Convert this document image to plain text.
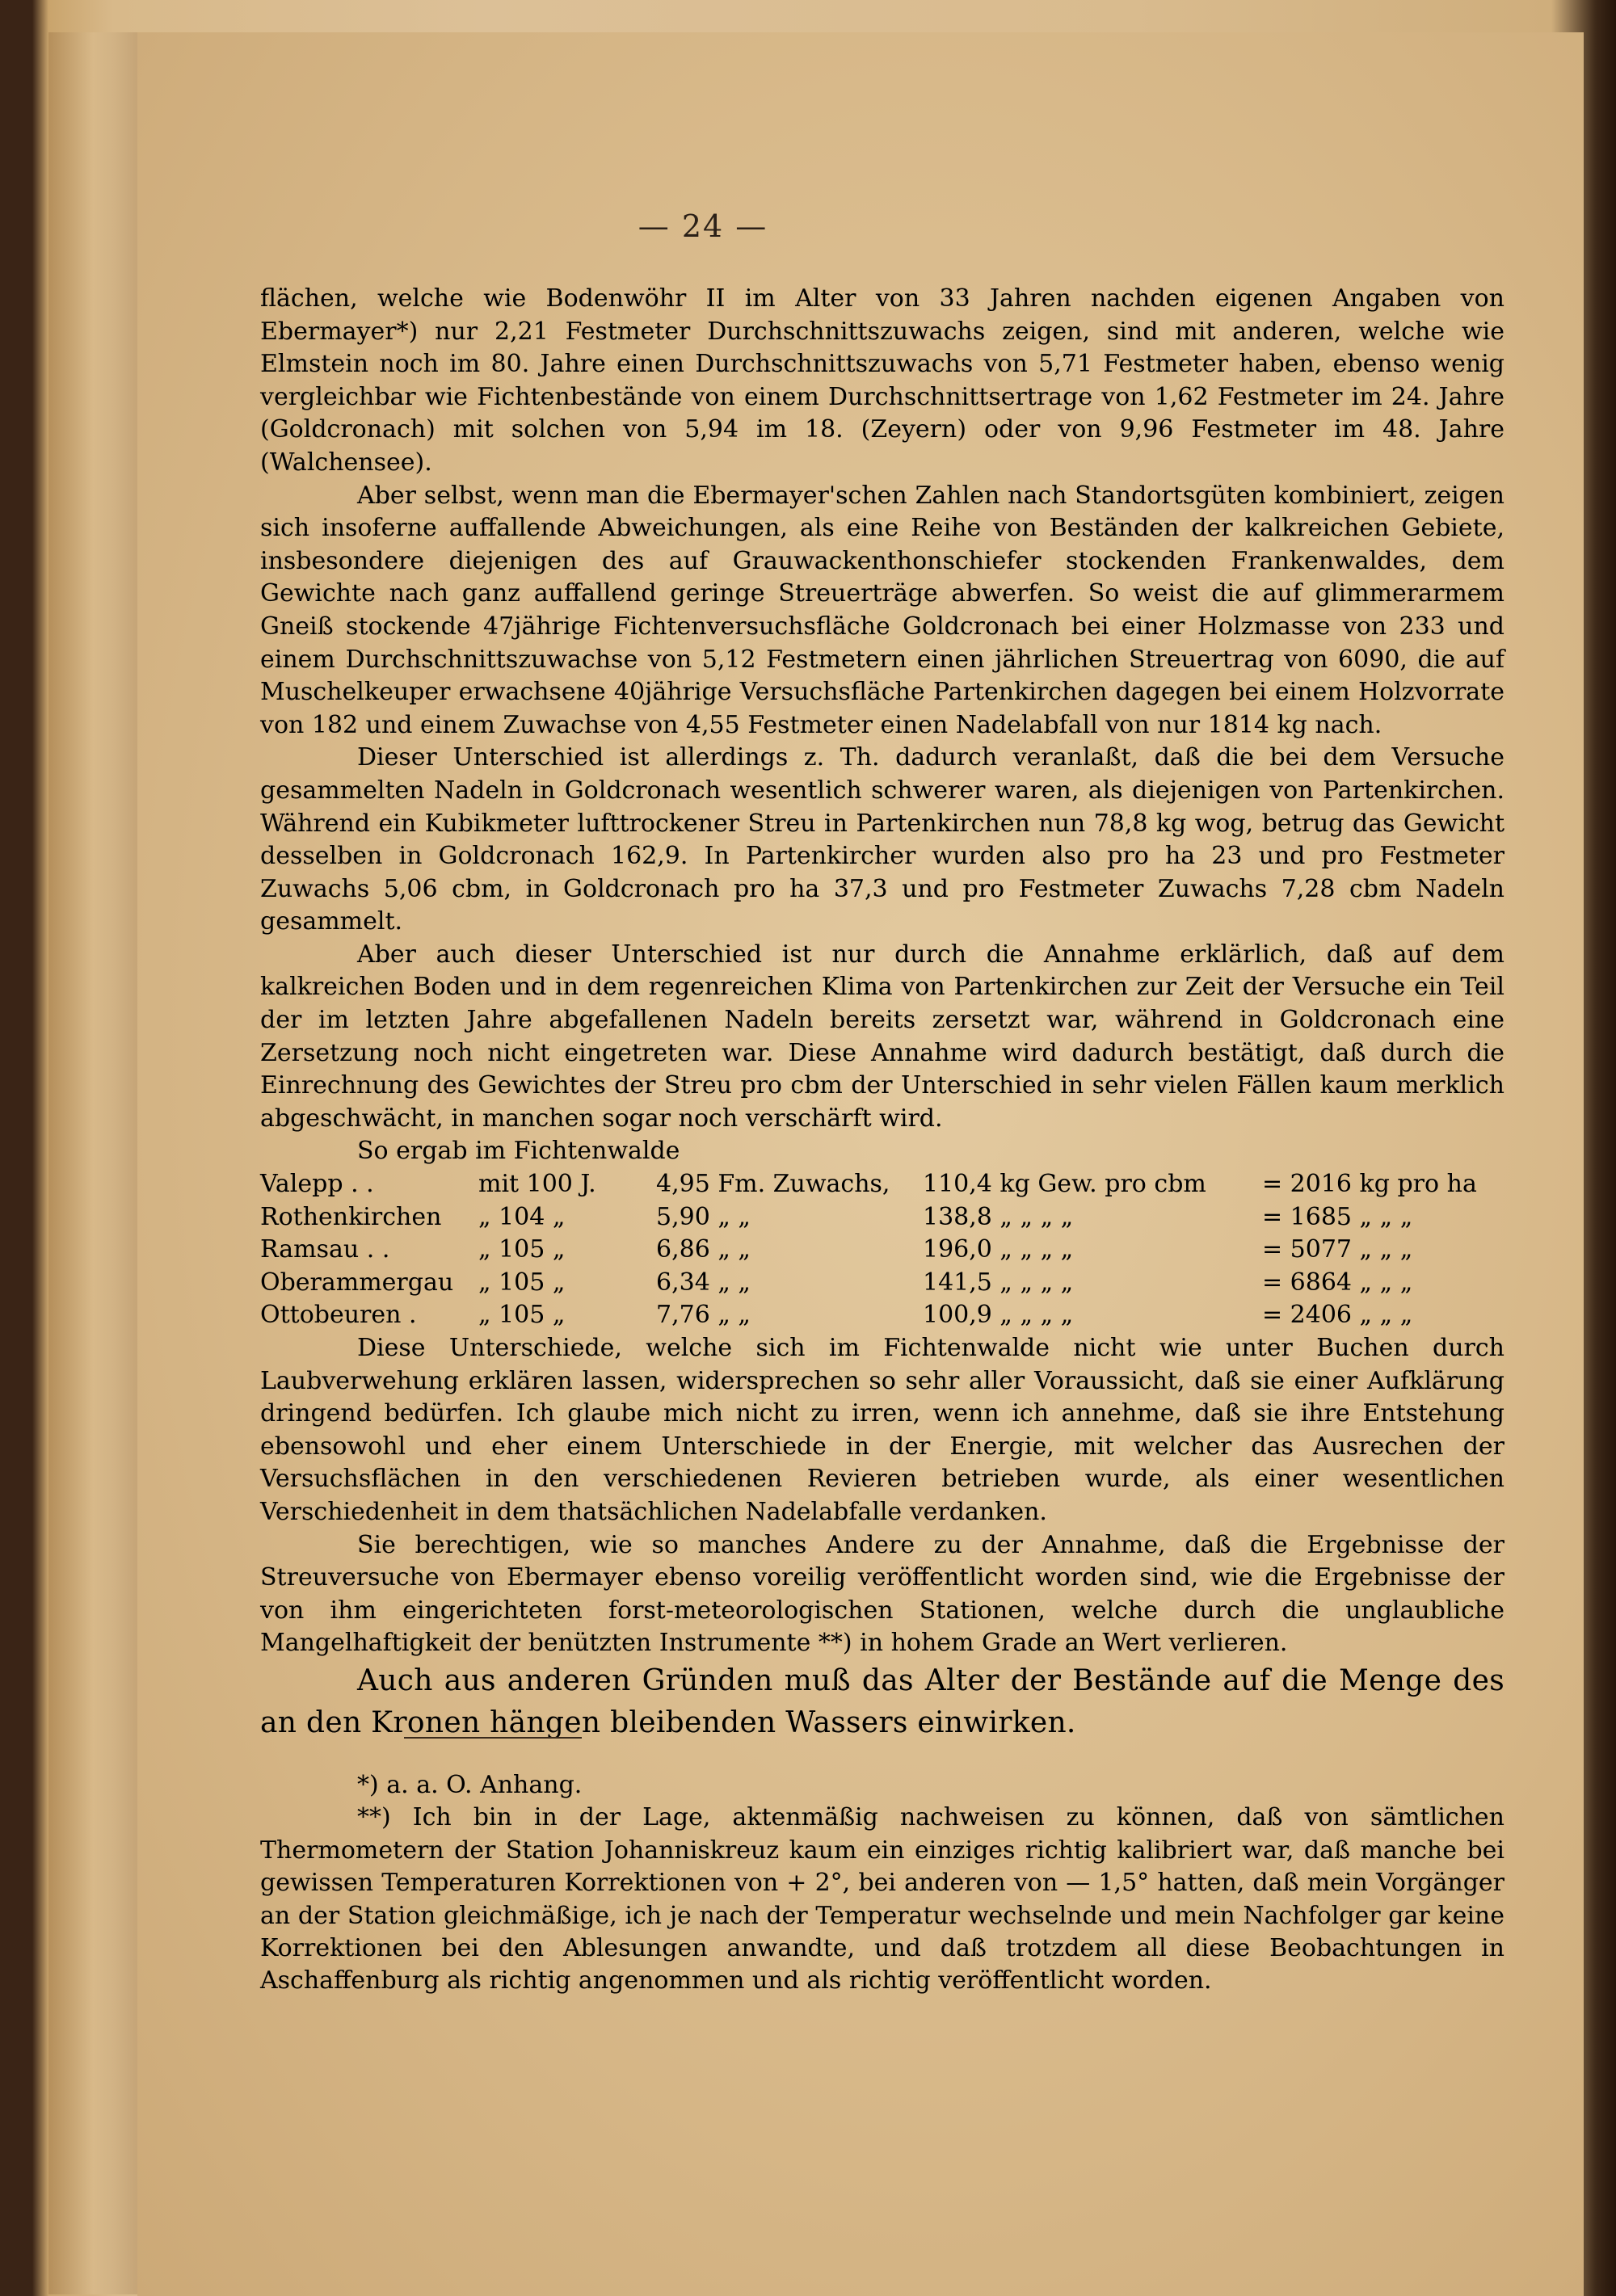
— 24 —

flächen, welche wie Bodenwöhr II im Alter von 33 Jahren nachden eigenen Angaben von Ebermayer*) nur 2,21 Festmeter Durchschnittszuwachs zeigen, sind mit anderen, welche wie Elmstein noch im 80. Jahre einen Durchschnittszuwachs von 5,71 Festmeter haben, ebenso wenig vergleichbar wie Fichtenbestände von einem Durchschnittsertrage von 1,62 Festmeter im 24. Jahre (Goldcronach) mit solchen von 5,94 im 18. (Zeyern) oder von 9,96 Festmeter im 48. Jahre (Walchensee).

Aber selbst, wenn man die Ebermayer'schen Zahlen nach Standortsgüten kombiniert, zeigen sich insoferne auffallende Abweichungen, als eine Reihe von Beständen der kalkreichen Gebiete, insbesondere diejenigen des auf Grauwackenthonschiefer stockenden Frankenwaldes, dem Gewichte nach ganz auffallend geringe Streuerträge abwerfen. So weist die auf glimmerarmem Gneiß stockende 47jährige Fichtenversuchsfläche Goldcronach bei einer Holzmasse von 233 und einem Durchschnittszuwachse von 5,12 Festmetern einen jährlichen Streuertrag von 6090, die auf Muschelkeuper erwachsene 40jährige Versuchsfläche Partenkirchen dagegen bei einem Holzvorrate von 182 und einem Zuwachse von 4,55 Festmeter einen Nadelabfall von nur 1814 kg nach.

Dieser Unterschied ist allerdings z. Th. dadurch veranlaßt, daß die bei dem Versuche gesammelten Nadeln in Goldcronach wesentlich schwerer waren, als diejenigen von Partenkirchen. Während ein Kubikmeter lufttrockener Streu in Partenkirchen nun 78,8 kg wog, betrug das Gewicht desselben in Goldcronach 162,9. In Partenkircher wurden also pro ha 23 und pro Festmeter Zuwachs 5,06 cbm, in Goldcronach pro ha 37,3 und pro Festmeter Zuwachs 7,28 cbm Nadeln gesammelt.

Aber auch dieser Unterschied ist nur durch die Annahme erklärlich, daß auf dem kalkreichen Boden und in dem regenreichen Klima von Partenkirchen zur Zeit der Versuche ein Teil der im letzten Jahre abgefallenen Nadeln bereits zersetzt war, während in Goldcronach eine Zersetzung noch nicht eingetreten war. Diese Annahme wird dadurch bestätigt, daß durch die Einrechnung des Gewichtes der Streu pro cbm der Unterschied in sehr vielen Fällen kaum merklich abgeschwächt, in manchen sogar noch verschärft wird.

So ergab im Fichtenwalde

Valepp . .	mit 100 J.	4,95 Fm. Zuwachs,	110,4 kg Gew. pro cbm	= 2016 kg pro ha
Rothenkirchen	„ 104 „	5,90 „ „	138,8 „ „ „ „	= 1685 „ „ „
Ramsau . .	„ 105 „	6,86 „ „	196,0 „ „ „ „	= 5077 „ „ „
Oberammergau	„ 105 „	6,34 „ „	141,5 „ „ „ „	= 6864 „ „ „
Ottobeuren .	„ 105 „	7,76 „ „	100,9 „ „ „ „	= 2406 „ „ „

Diese Unterschiede, welche sich im Fichtenwalde nicht wie unter Buchen durch Laubverwehung erklären lassen, widersprechen so sehr aller Voraussicht, daß sie einer Aufklärung dringend bedürfen. Ich glaube mich nicht zu irren, wenn ich annehme, daß sie ihre Entstehung ebensowohl und eher einem Unterschiede in der Energie, mit welcher das Ausrechen der Versuchsflächen in den verschiedenen Revieren betrieben wurde, als einer wesentlichen Verschiedenheit in dem thatsächlichen Nadelabfalle verdanken.

Sie berechtigen, wie so manches Andere zu der Annahme, daß die Ergebnisse der Streuversuche von Ebermayer ebenso voreilig veröffentlicht worden sind, wie die Ergebnisse der von ihm eingerichteten forst-meteorologischen Stationen, welche durch die unglaubliche Mangelhaftigkeit der benützten Instrumente **) in hohem Grade an Wert verlieren.

Auch aus anderen Gründen muß das Alter der Bestände auf die Menge des an den Kronen hängen bleibenden Wassers einwirken.

*) a. a. O. Anhang.

**) Ich bin in der Lage, aktenmäßig nachweisen zu können, daß von sämtlichen Thermometern der Station Johanniskreuz kaum ein einziges richtig kalibriert war, daß manche bei gewissen Temperaturen Korrektionen von + 2°, bei anderen von — 1,5° hatten, daß mein Vorgänger an der Station gleichmäßige, ich je nach der Temperatur wechselnde und mein Nachfolger gar keine Korrektionen bei den Ablesungen anwandte, und daß trotzdem all diese Beobachtungen in Aschaffenburg als richtig angenommen und als richtig veröffentlicht worden.
